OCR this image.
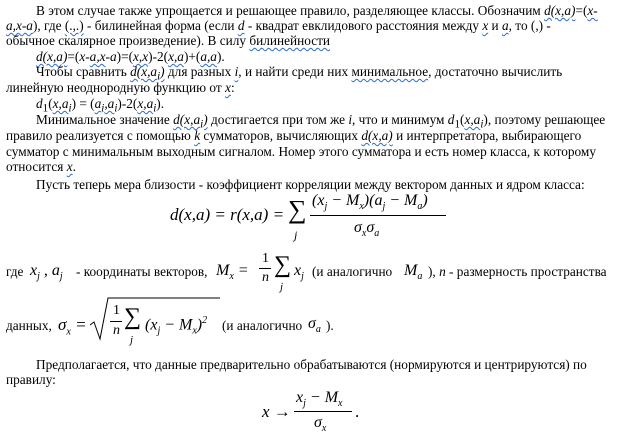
В этом случае также упрощается и решающее правило, разделяющее классы. Обозначим d(x,a)=(x-
a,x-a), где (.,.) - билинейная форма (если d - квадрат евклидового расстояния между x и a, то (,) -
обычное скалярное произведение). В силу билинейности
d(x,a)=(x-a,x-a)=(x,x)-2(x,a)+(a,a).
Чтобы сравнить $d(x,a_i)$ для разных i, и найти среди них минимальное, достаточно вычислить
линейную неоднородную функцию от x:
$d_1(x,a_i) = (a_i,a_i)-2(x,a_i)$.
Минимальное значение $d(x,a_i)$ достигается при том же i, что и минимум $d_1(x,a_i)$, поэтому решающее
правило реализуется с помощью k сумматоров, вычисляющих d(x,a) и интерпретатора, выбирающего
сумматор с минимальным выходным сигналом. Номер этого сумматора и есть номер класса, к которому
относится x.
Пусть теперь мера близости - коэффициент корреляции между вектором данных и ядром класса:
d(x,a) = r(x,a) = ∑
j
$(x_j - M_x)(a_j - M_a)$
$\sigma_x\sigma_a$
где $x_j$ , $a_j$ - координаты векторов, $M_x$ =
1
n ∑
j
$x_j$ (и аналогично $M_a$ ), n - размерность пространства
данных, $\sigma_x$ =
1
n
∑
j
$(x_j - M_x)^2$ (и аналогично $\sigma_a$ ).
Предполагается, что данные предварительно обрабатываются (нормируются и центрируются) по
правилу:
x →
$x_j - M_x$
$\sigma_x$
.
